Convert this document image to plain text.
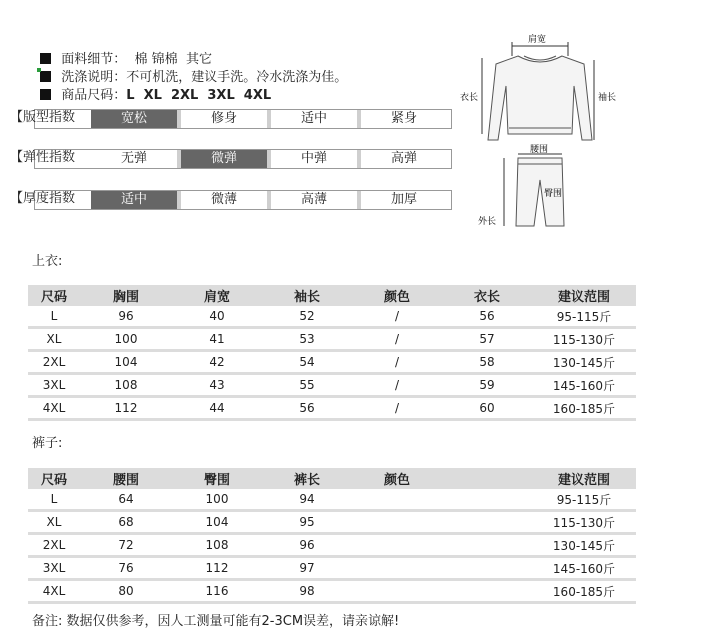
面料细节： 棉 锦棉  其它

洗涤说明：不可机洗，建议手洗。冷水洗涤为佳。

商品尺码：L  XL  2XL  3XL  4XL

【版型指数	宽松	修身	适中	紧身
【弹性指数	无弹	微弹	中弹	高弹
【厚度指数	适中	微薄	高薄	加厚
肩宽
衣长	袖长
腰围
臀围
外长
上衣:
尺码	胸围	肩宽	袖长	颜色	衣长	建议范围
L	96	40	52	/	56	95-115斤
XL	100	41	53	/	57	115-130斤
2XL	104	42	54	/	58	130-145斤
3XL	108	43	55	/	59	145-160斤
4XL	112	44	56	/	60	160-185斤
裤子:
尺码	腰围	臀围	裤长	颜色		建议范围
L	64	100	94			95-115斤
XL	68	104	95			115-130斤
2XL	72	108	96			130-145斤
3XL	76	112	97			145-160斤
4XL	80	116	98			160-185斤
备注: 数据仅供参考，因人工测量可能有2-3CM误差，请亲谅解!
